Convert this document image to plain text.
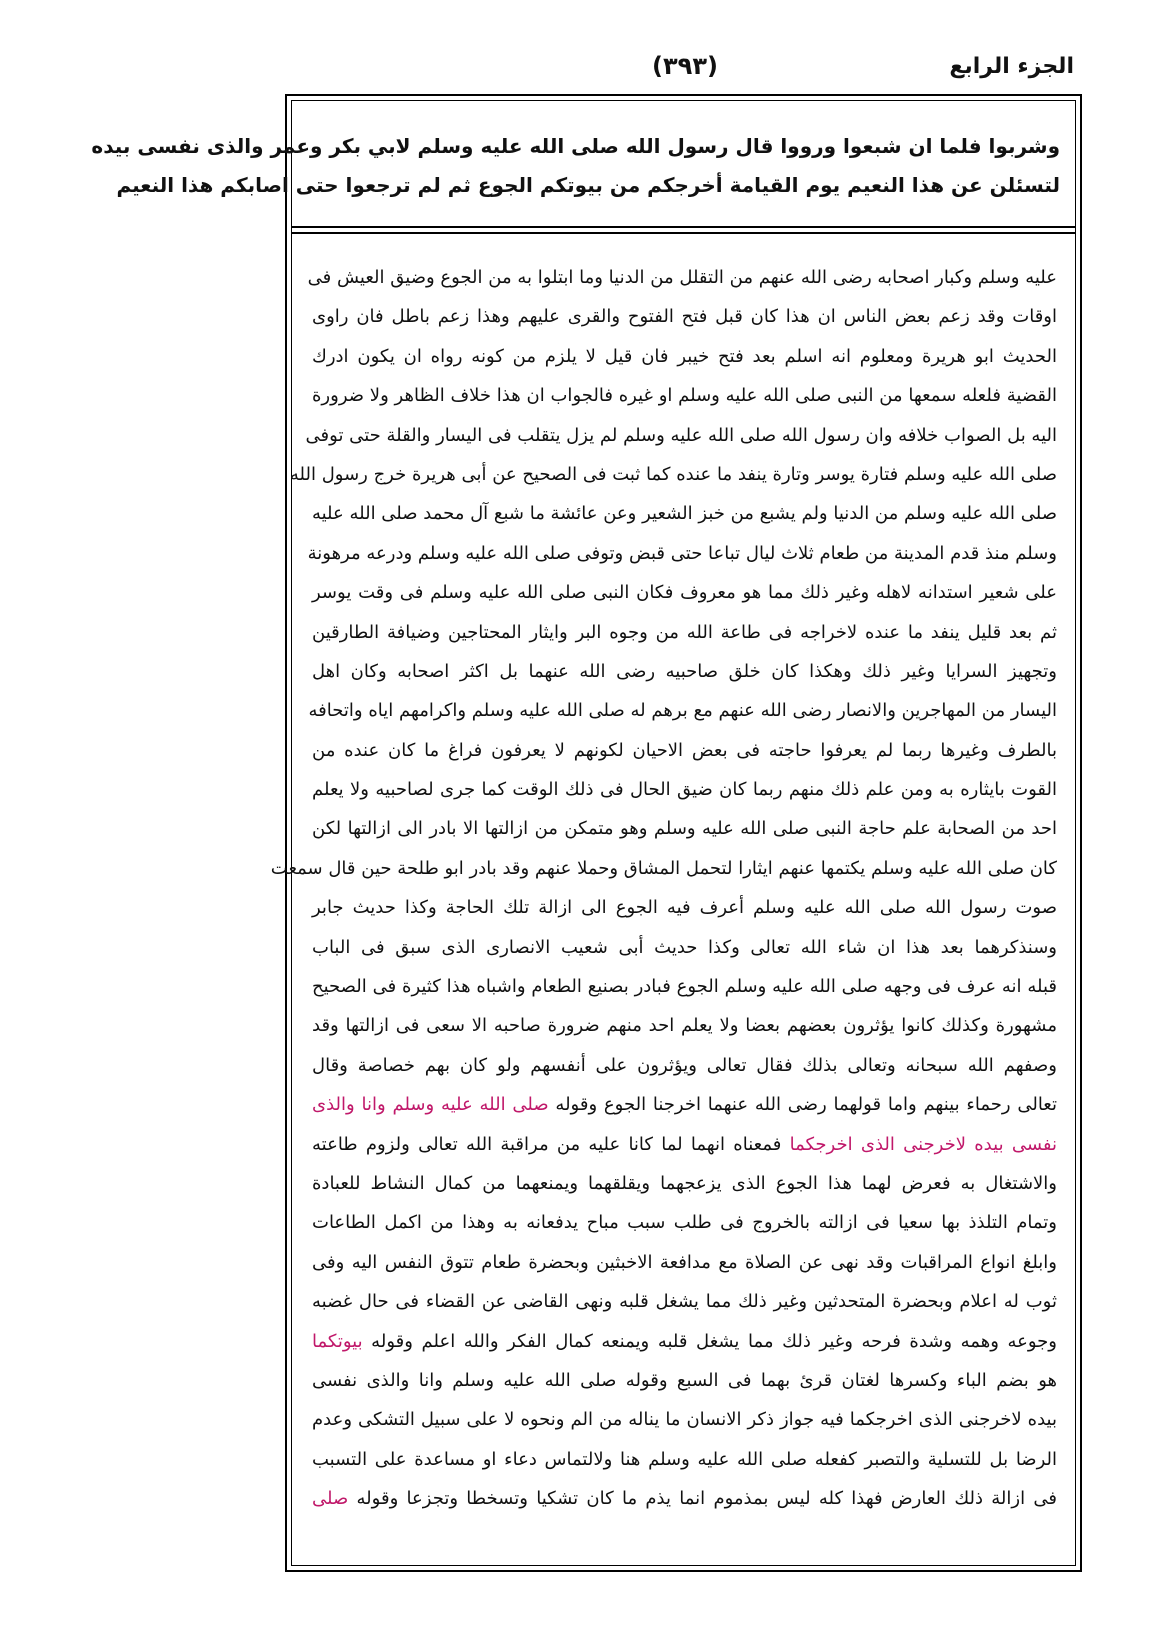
الجزء الرابع
(٣٩٣)

وشربوا فلما ان شبعوا ورووا قال رسول الله صلى الله عليه وسلم لابي بكر وعمر والذى نفسى بيده

لتسئلن عن هذا النعيم يوم القيامة أخرجكم من بيوتكم الجوع ثم لم ترجعوا حتى اصابكم هذا النعيم

عليه وسلم وكبار اصحابه رضى الله عنهم من التقلل من الدنيا وما ابتلوا به من الجوع وضيق العيش فى
اوقات وقد زعم بعض الناس ان هذا كان قبل فتح الفتوح والقرى عليهم وهذا زعم باطل فان راوى
الحديث ابو هريرة ومعلوم انه اسلم بعد فتح خيبر فان قيل لا يلزم من كونه رواه ان يكون ادرك
القضية فلعله سمعها من النبى صلى الله عليه وسلم او غيره فالجواب ان هذا خلاف الظاهر ولا ضرورة
اليه بل الصواب خلافه وان رسول الله صلى الله عليه وسلم لم يزل يتقلب فى اليسار والقلة حتى توفى
صلى الله عليه وسلم فتارة يوسر وتارة ينفد ما عنده كما ثبت فى الصحيح عن أبى هريرة خرج رسول الله
صلى الله عليه وسلم من الدنيا ولم يشبع من خبز الشعير وعن عائشة ما شبع آل محمد صلى الله عليه
وسلم منذ قدم المدينة من طعام ثلاث ليال تباعا حتى قبض وتوفى صلى الله عليه وسلم ودرعه مرهونة
على شعير استدانه لاهله وغير ذلك مما هو معروف فكان النبى صلى الله عليه وسلم فى وقت يوسر
ثم بعد قليل ينفد ما عنده لاخراجه فى طاعة الله من وجوه البر وايثار المحتاجين وضيافة الطارقين
وتجهيز السرايا وغير ذلك وهكذا كان خلق صاحبيه رضى الله عنهما بل اكثر اصحابه وكان اهل
اليسار من المهاجرين والانصار رضى الله عنهم مع برهم له صلى الله عليه وسلم واكرامهم اياه واتحافه
بالطرف وغيرها ربما لم يعرفوا حاجته فى بعض الاحيان لكونهم لا يعرفون فراغ ما كان عنده من
القوت بايثاره به ومن علم ذلك منهم ربما كان ضيق الحال فى ذلك الوقت كما جرى لصاحبيه ولا يعلم
احد من الصحابة علم حاجة النبى صلى الله عليه وسلم وهو متمكن من ازالتها الا بادر الى ازالتها لكن
كان صلى الله عليه وسلم يكتمها عنهم ايثارا لتحمل المشاق وحملا عنهم وقد بادر ابو طلحة حين قال سمعت
صوت رسول الله صلى الله عليه وسلم أعرف فيه الجوع الى ازالة تلك الحاجة وكذا حديث جابر
وسنذكرهما بعد هذا ان شاء الله تعالى وكذا حديث أبى شعيب الانصارى الذى سبق فى الباب
قبله انه عرف فى وجهه صلى الله عليه وسلم الجوع فبادر بصنيع الطعام واشباه هذا كثيرة فى الصحيح
مشهورة وكذلك كانوا يؤثرون بعضهم بعضا ولا يعلم احد منهم ضرورة صاحبه الا سعى فى ازالتها وقد
وصفهم الله سبحانه وتعالى بذلك فقال تعالى ويؤثرون على أنفسهم ولو كان بهم خصاصة وقال
تعالى رحماء بينهم واما قولهما رضى الله عنهما اخرجنا الجوع وقوله صلى الله عليه وسلم وانا والذى
نفسى بيده لاخرجنى الذى اخرجكما فمعناه انهما لما كانا عليه من مراقبة الله تعالى ولزوم طاعته
والاشتغال به فعرض لهما هذا الجوع الذى يزعجهما ويقلقهما ويمنعهما من كمال النشاط للعبادة
وتمام التلذذ بها سعيا فى ازالته بالخروج فى طلب سبب مباح يدفعانه به وهذا من اكمل الطاعات
وابلغ انواع المراقبات وقد نهى عن الصلاة مع مدافعة الاخبثين وبحضرة طعام تتوق النفس اليه وفى
ثوب له اعلام وبحضرة المتحدثين وغير ذلك مما يشغل قلبه ونهى القاضى عن القضاء فى حال غضبه
وجوعه وهمه وشدة فرحه وغير ذلك مما يشغل قلبه ويمنعه كمال الفكر والله اعلم وقوله بيوتكما
هو بضم الباء وكسرها لغتان قرئ بهما فى السبع وقوله صلى الله عليه وسلم وانا والذى نفسى
بيده لاخرجنى الذى اخرجكما فيه جواز ذكر الانسان ما يناله من الم ونحوه لا على سبيل التشكى وعدم
الرضا بل للتسلية والتصبر كفعله صلى الله عليه وسلم هنا ولالتماس دعاء او مساعدة على التسبب
فى ازالة ذلك العارض فهذا كله ليس بمذموم انما يذم ما كان تشكيا وتسخطا وتجزعا وقوله صلى
